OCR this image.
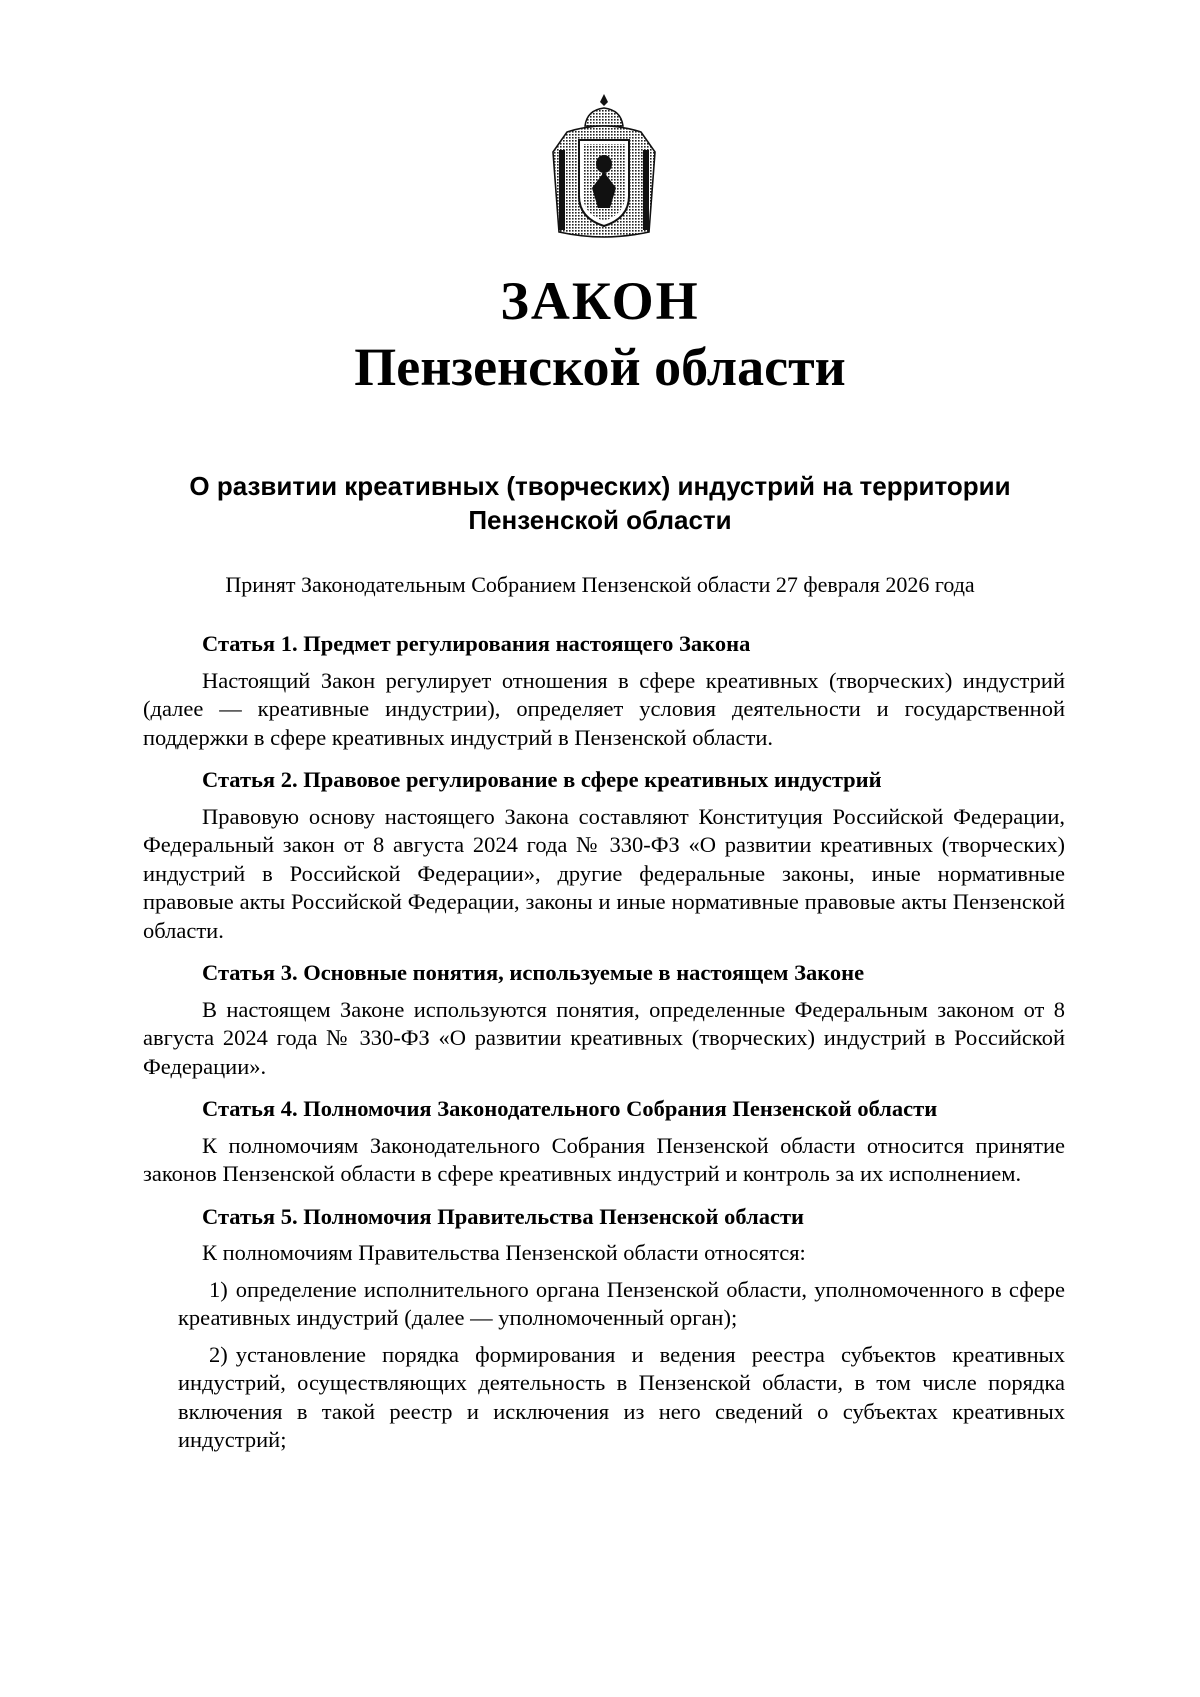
ЗАКОН
Пензенской области
О развитии креативных (творческих) индустрий на территории
Пензенской области
Принят Законодательным Собранием Пензенской области 27 февраля 2026 года
Статья 1. Предмет регулирования настоящего Закона

Настоящий Закон регулирует отношения в сфере креативных (творческих) индустрий (далее — креативные индустрии), определяет условия деятельности и государственной поддержки в сфере креативных индустрий в Пензенской области.

Статья 2. Правовое регулирование в сфере креативных индустрий

Правовую основу настоящего Закона составляют Конституция Российской Федерации, Федеральный закон от 8 августа 2024 года № 330-ФЗ «О развитии креативных (творческих) индустрий в Российской Федерации», другие федеральные законы, иные нормативные правовые акты Российской Федерации, законы и иные нормативные правовые акты Пензенской области.

Статья 3. Основные понятия, используемые в настоящем Законе

В настоящем Законе используются понятия, определенные Федеральным законом от 8 августа 2024 года № 330-ФЗ «О развитии креативных (творческих) индустрий в Российской Федерации».

Статья 4. Полномочия Законодательного Собрания Пензенской области

К полномочиям Законодательного Собрания Пензенской области относится принятие законов Пензенской области в сфере креативных индустрий и контроль за их исполнением.

Статья 5. Полномочия Правительства Пензенской области

К полномочиям Правительства Пензенской области относятся:

1) определение исполнительного органа Пензенской области, уполномоченного в сфере креативных индустрий (далее — уполномоченный орган);

2) установление порядка формирования и ведения реестра субъектов креативных индустрий, осуществляющих деятельность в Пензенской области, в том числе порядка включения в такой реестр и исключения из него сведений о субъектах креативных индустрий;
